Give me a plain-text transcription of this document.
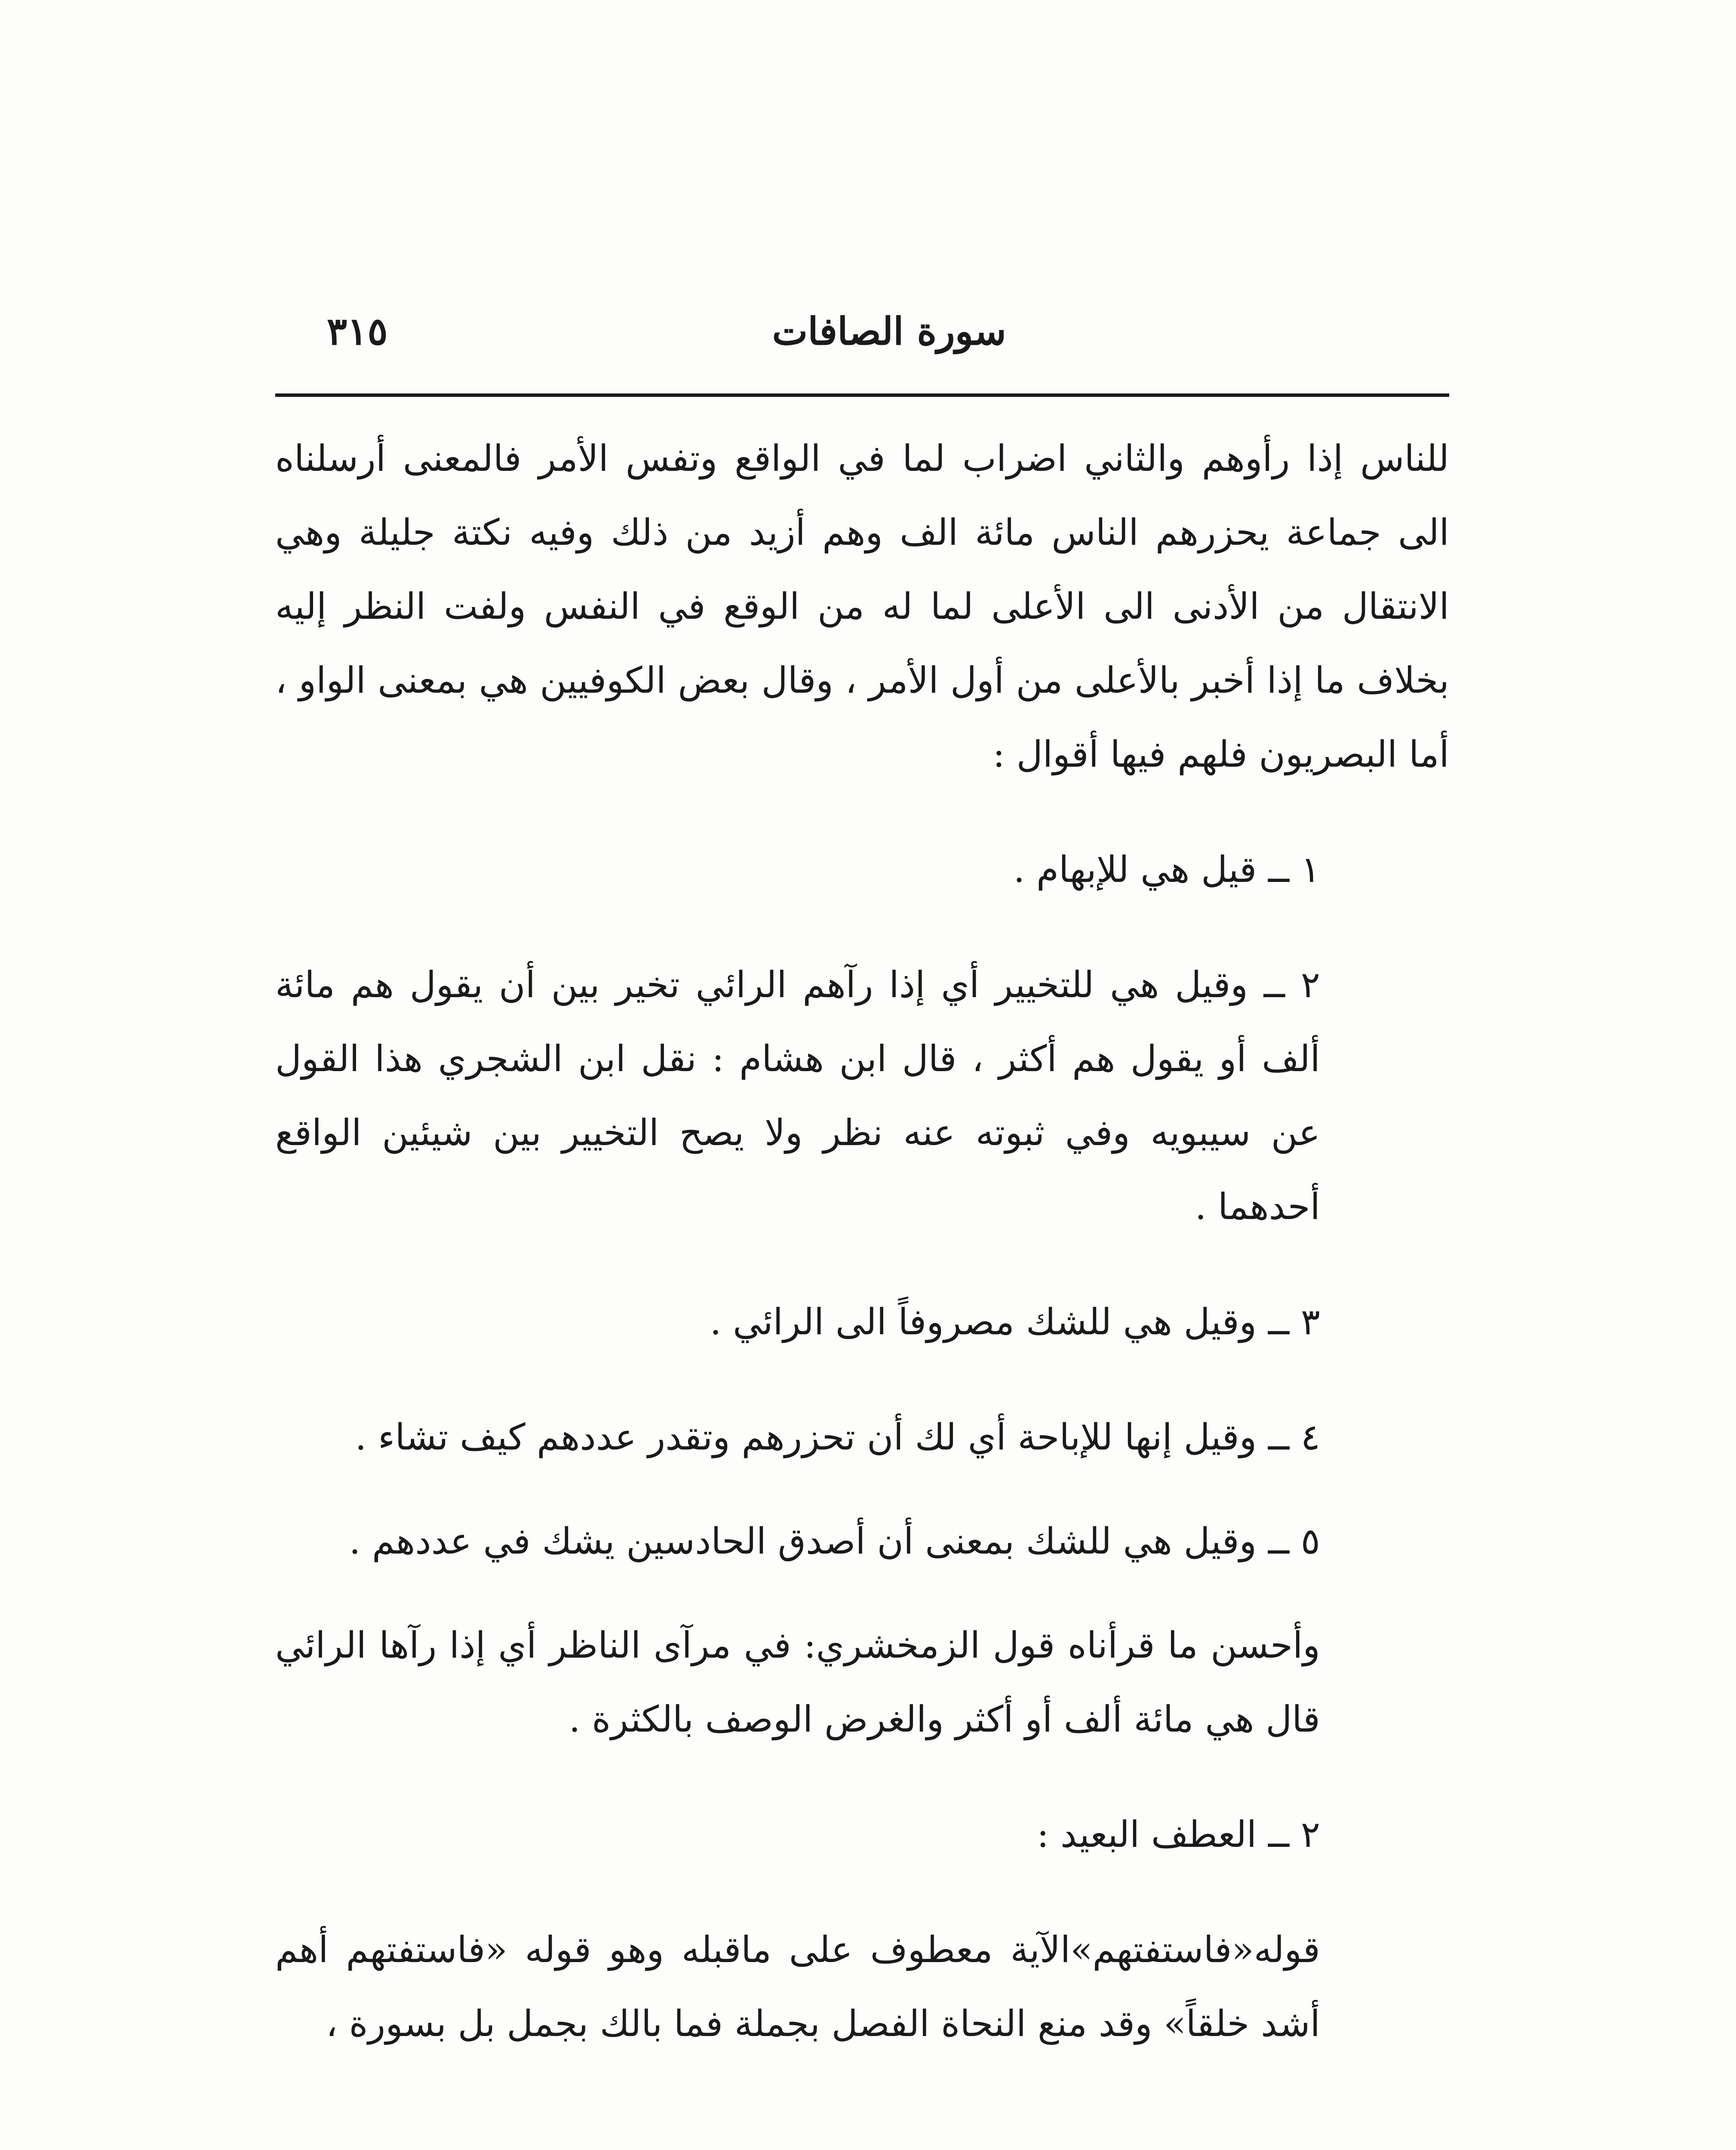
سورة الصافات
٣١٥

للناس إذا رأوهم والثاني اضراب لما في الواقع وتفس الأمر فالمعنى أرسلناه الى جماعة يحزرهم الناس مائة الف وهم أزيد من ذلك وفيه نكتة جليلة وهي الانتقال من الأدنى الى الأعلى لما له من الوقع في النفس ولفت النظر إليه بخلاف ما إذا أخبر بالأعلى من أول الأمر ، وقال بعض الكوفيين هي بمعنى الواو ، أما البصريون فلهم فيها أقوال :

١ ــ قيل هي للإبهام .

٢ ــ وقيل هي للتخيير أي إذا رآهم الرائي تخير بين أن يقول هم مائة ألف أو يقول هم أكثر ، قال ابن هشام : نقل ابن الشجري هذا القول عن سيبويه وفي ثبوته عنه نظر ولا يصح التخيير بين شيئين الواقع أحدهما .

٣ ــ وقيل هي للشك مصروفاً الى الرائي .

٤ ــ وقيل إنها للإباحة أي لك أن تحزرهم وتقدر عددهم كيف تشاء .

٥ ــ وقيل هي للشك بمعنى أن أصدق الحادسين يشك في عددهم .

وأحسن ما قرأناه قول الزمخشري: في مرآى الناظر أي إذا رآها الرائي قال هي مائة ألف أو أكثر والغرض الوصف بالكثرة .

٢ ــ العطف البعيد :

قوله«فاستفتهم»الآية معطوف على ماقبله وهو قوله «فاستفتهم أهم أشد خلقاً» وقد منع النحاة الفصل بجملة فما بالك بجمل بل بسورة ،
